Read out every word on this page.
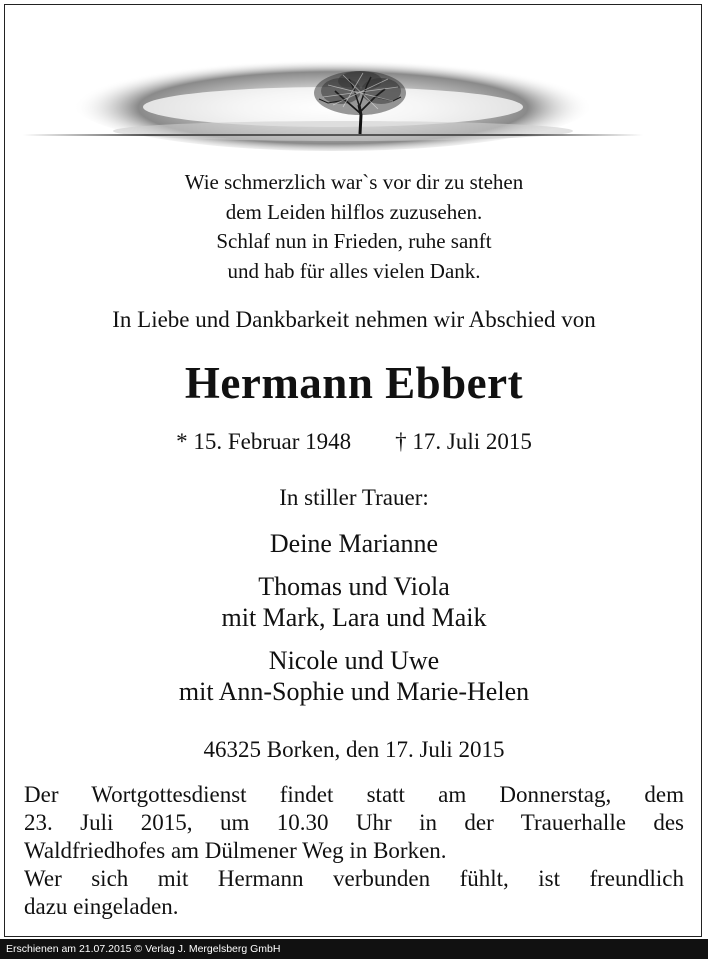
Wie schmerzlich war`s vor dir zu stehen
dem Leiden hilflos zuzusehen.
Schlaf nun in Frieden, ruhe sanft
und hab für alles vielen Dank.
In Liebe und Dankbarkeit nehmen wir Abschied von
Hermann Ebbert
* 15. Februar 1948 † 17. Juli 2015
In stiller Trauer:
Deine Marianne
Thomas und Viola
mit Mark, Lara und Maik
Nicole und Uwe
mit Ann-Sophie und Marie-Helen
46325 Borken, den 17. Juli 2015
Der Wortgottesdienst findet statt am Donnerstag, dem
23. Juli 2015, um 10.30 Uhr in der Trauerhalle des
Waldfriedhofes am Dülmener Weg in Borken.
Wer sich mit Hermann verbunden fühlt, ist freundlich
dazu eingeladen.
Erschienen am 21.07.2015 © Verlag J. Mergelsberg GmbH
